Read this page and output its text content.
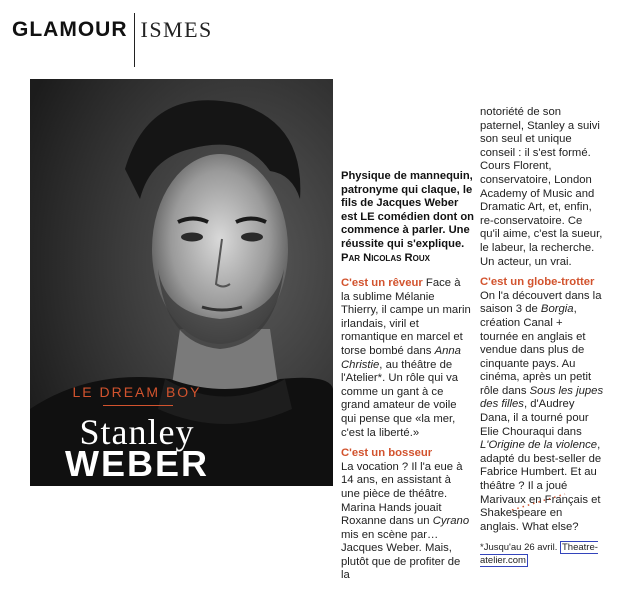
GLAMOUR ISMES
LE DREAM BOY
Stanley
WEBER
Physique de mannequin, patronyme qui claque, le fils de Jacques Weber est LE comédien dont on commence à parler. Une réussite qui s'explique.
Par Nicolas Roux

C'est un rêveur Face à la sublime Mélanie Thierry, il campe un marin irlandais, viril et romantique en marcel et torse bombé dans Anna Christie, au théâtre de l'Atelier*. Un rôle qui va comme un gant à ce grand amateur de voile qui pense que «la mer, c'est la liberté.»

C'est un bosseur
La vocation ? Il l'a eue à 14 ans, en assistant à une pièce de théâtre. Marina Hands jouait Roxanne dans un Cyrano mis en scène par… Jacques Weber. Mais, plutôt que de profiter de la

notoriété de son paternel, Stanley a suivi son seul et unique conseil : il s'est formé. Cours Florent, conservatoire, London Academy of Music and Dramatic Art, et, enfin, re-conservatoire. Ce qu'il aime, c'est la sueur, le labeur, la recherche. Un acteur, un vrai.

C'est un globe-trotter
On l'a découvert dans la saison 3 de Borgia, création Canal + tournée en anglais et vendue dans plus de cinquante pays. Au cinéma, après un petit rôle dans Sous les jupes des filles, d'Audrey Dana, il a tourné pour Elie Chouraqui dans L'Origine de la violence, adapté du best-seller de Fabrice Humbert. Et au théâtre ? Il a joué Marivaux en Français et Shakespeare en anglais. What else?

*Jusqu'au 26 avril. Theatre-atelier.com
